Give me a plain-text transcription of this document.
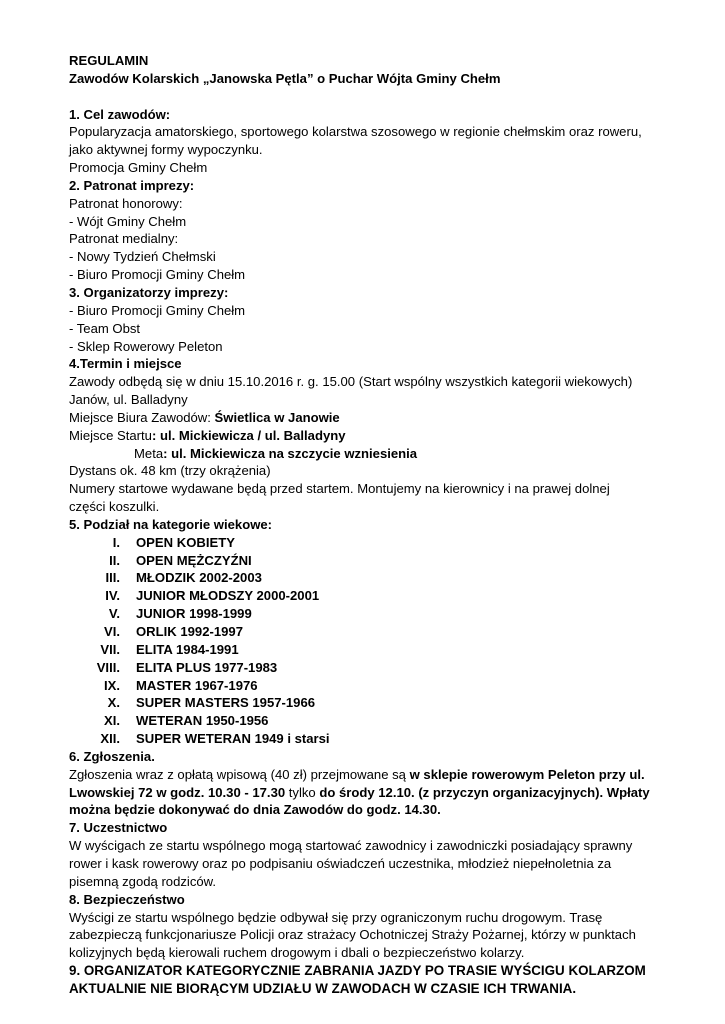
REGULAMIN
Zawodów Kolarskich „Janowska Pętla” o Puchar Wójta Gminy Chełm
1. Cel zawodów:
Popularyzacja amatorskiego, sportowego kolarstwa szosowego w regionie chełmskim oraz roweru,
jako aktywnej formy wypoczynku.
Promocja Gminy Chełm
2. Patronat imprezy:
Patronat honorowy:
- Wójt Gminy Chełm
Patronat medialny:
- Nowy Tydzień Chełmski
- Biuro Promocji Gminy Chełm
3. Organizatorzy imprezy:
- Biuro Promocji Gminy Chełm
- Team Obst
- Sklep Rowerowy Peleton
4.Termin i miejsce
Zawody odbędą się w dniu 15.10.2016 r. g. 15.00 (Start wspólny wszystkich kategorii wiekowych)
Janów, ul. Balladyny
Miejsce Biura Zawodów: Świetlica w Janowie
Miejsce Startu: ul. Mickiewicza / ul. Balladyny
Meta: ul. Mickiewicza na szczycie wzniesienia
Dystans ok. 48 km (trzy okrążenia)
Numery startowe wydawane będą przed startem. Montujemy na kierownicy i na prawej dolnej
części koszulki.
5. Podział na kategorie wiekowe:
I.	OPEN KOBIETY
II.	OPEN MĘŻCZYŹNI
III.	MŁODZIK 2002-2003
IV.	JUNIOR MŁODSZY 2000-2001
V.	JUNIOR 1998-1999
VI.	ORLIK 1992-1997
VII.	ELITA 1984-1991
VIII.	ELITA PLUS 1977-1983
IX.	MASTER 1967-1976
X.	SUPER MASTERS 1957-1966
XI.	WETERAN 1950-1956
XII.	SUPER WETERAN 1949 i starsi
6. Zgłoszenia.
Zgłoszenia wraz z opłatą wpisową (40 zł) przejmowane są w sklepie rowerowym Peleton przy ul.
Lwowskiej 72 w godz. 10.30 - 17.30 tylko do środy 12.10. (z przyczyn organizacyjnych). Wpłaty
można będzie dokonywać do dnia Zawodów do godz. 14.30.
7. Uczestnictwo
W wyścigach ze startu wspólnego mogą startować zawodnicy i zawodniczki posiadający sprawny
rower i kask rowerowy oraz po podpisaniu oświadczeń uczestnika, młodzież niepełnoletnia za
pisemną zgodą rodziców.
8. Bezpieczeństwo
Wyścigi ze startu wspólnego będzie odbywał się przy ograniczonym ruchu drogowym. Trasę
zabezpieczą funkcjonariusze Policji oraz strażacy Ochotniczej Straży Pożarnej, którzy w punktach
kolizyjnych będą kierowali ruchem drogowym i dbali o bezpieczeństwo kolarzy.
9. ORGANIZATOR KATEGORYCZNIE ZABRANIA JAZDY PO TRASIE WYŚCIGU KOLARZOM
AKTUALNIE NIE BIORĄCYM UDZIAŁU W ZAWODACH W CZASIE ICH TRWANIA.
